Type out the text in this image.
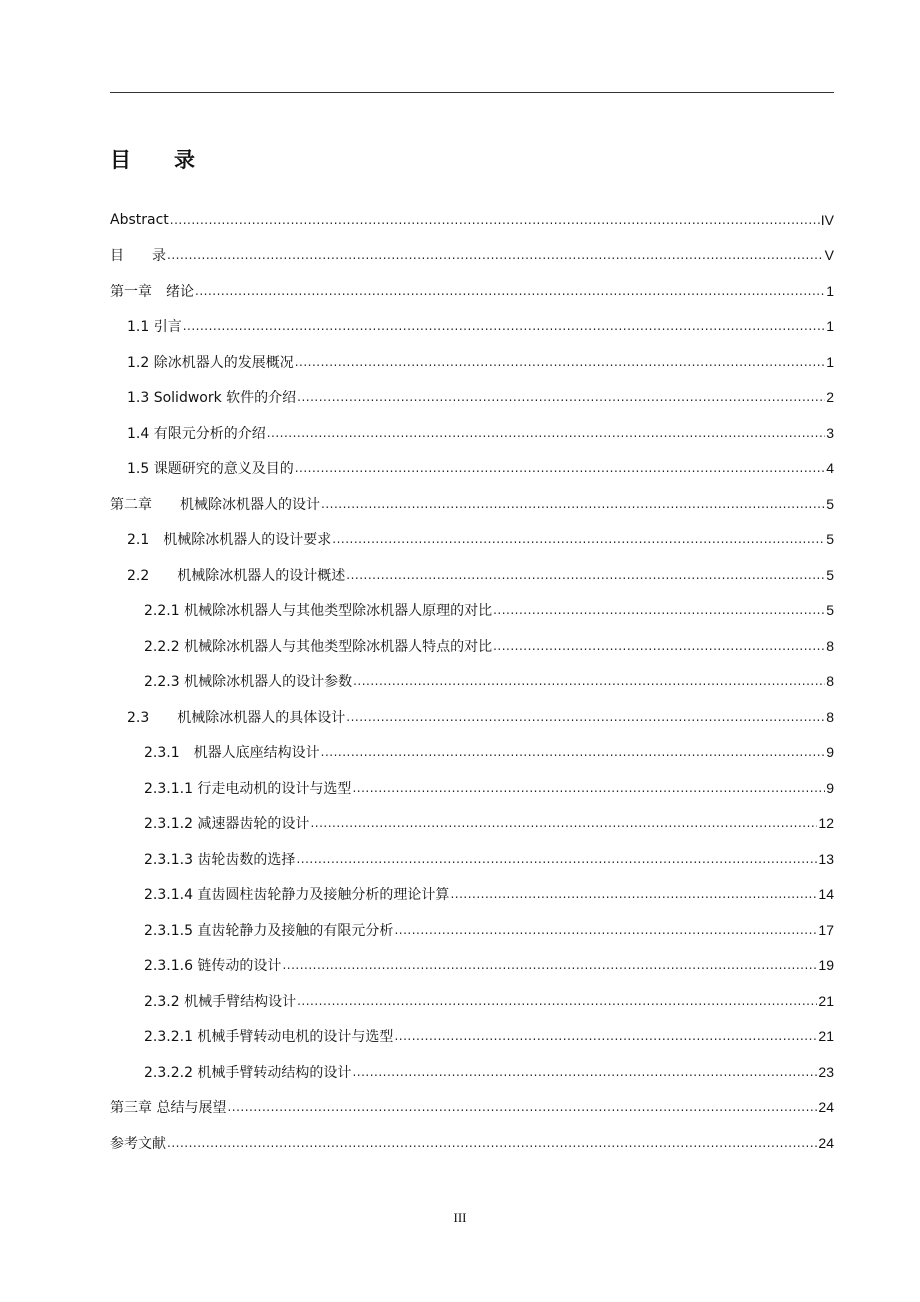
目 录
Abstract .....	IV
目　　录 .....	V
第一章　绪论 .....	1
1.1 引言 .....	1
1.2 除冰机器人的发展概况 .....	1
1.3 Solidwork 软件的介绍 .....	2
1.4 有限元分析的介绍 .....	3
1.5 课题研究的意义及目的 .....	4
第二章　　机械除冰机器人的设计 .....	5
2.1　机械除冰机器人的设计要求 .....	5
2.2　　机械除冰机器人的设计概述 .....	5
2.2.1 机械除冰机器人与其他类型除冰机器人原理的对比 .....	5
2.2.2 机械除冰机器人与其他类型除冰机器人特点的对比 .....	8
2.2.3 机械除冰机器人的设计参数 .....	8
2.3　　机械除冰机器人的具体设计 .....	8
2.3.1　机器人底座结构设计 .....	9
2.3.1.1 行走电动机的设计与选型 .....	9
2.3.1.2 减速器齿轮的设计 .....	12
2.3.1.3 齿轮齿数的选择 .....	13
2.3.1.4 直齿圆柱齿轮静力及接触分析的理论计算 .....	14
2.3.1.5 直齿轮静力及接触的有限元分析 .....	17
2.3.1.6 链传动的设计 .....	19
2.3.2 机械手臂结构设计 .....	21
2.3.2.1 机械手臂转动电机的设计与选型 .....	21
2.3.2.2 机械手臂转动结构的设计 .....	23
第三章 总结与展望 .....	24
参考文献 .....	24
III
